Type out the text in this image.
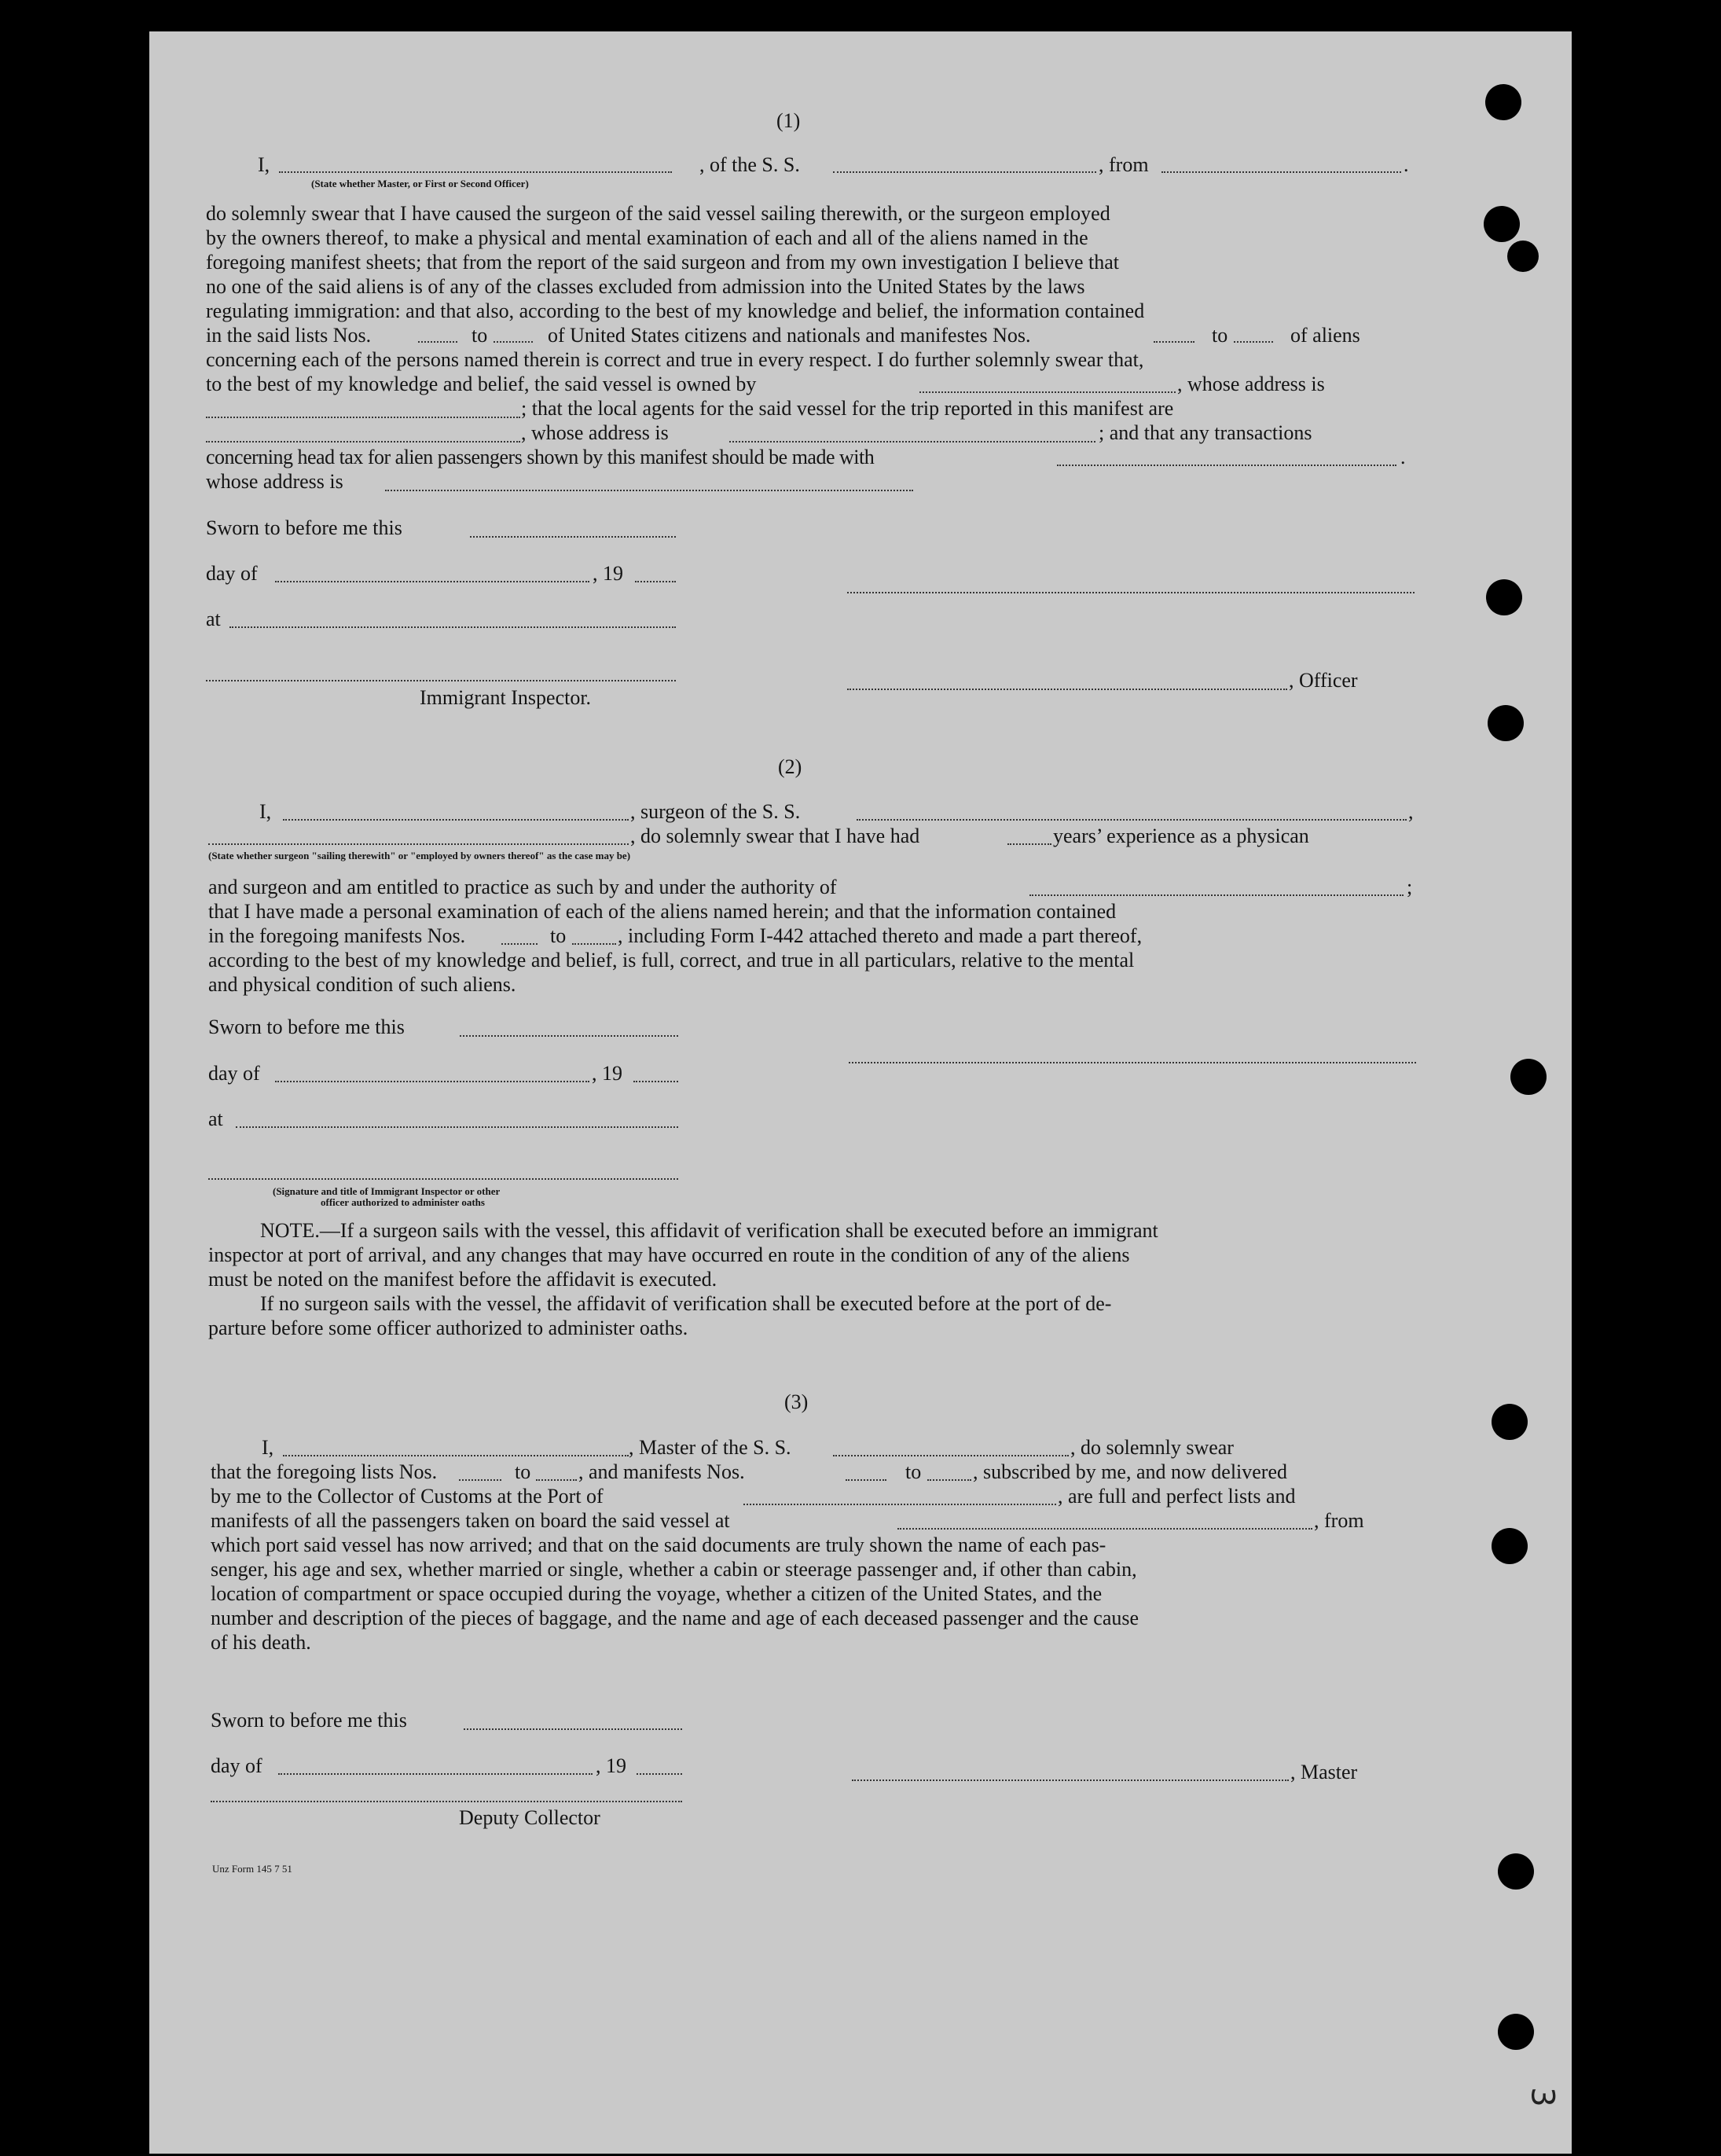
(1)
I,	, of the S. S.	, from	.
(State whether Master, or First or Second Officer)
do solemnly swear that I have caused the surgeon of the said vessel sailing therewith, or the surgeon employed
by the owners thereof, to make a physical and mental examination of each and all of the aliens named in the
foregoing manifest sheets; that from the report of the said surgeon and from my own investigation I believe that
no one of the said aliens is of any of the classes excluded from admission into the United States by the laws
regulating immigration: and that also, according to the best of my knowledge and belief, the information contained
in the said lists Nos.	to	of United States citizens and nationals and manifestes Nos.	to	of aliens
concerning each of the persons named therein is correct and true in every respect. I do further solemnly swear that,
to the best of my knowledge and belief, the said vessel is owned by	, whose address is
; that the local agents for the said vessel for the trip reported in this manifest are
, whose address is	; and that any transactions
concerning head tax for alien passengers shown by this manifest should be made with	.
whose address is
Sworn to before me this
day of	, 19
at
, Officer
Immigrant Inspector.
(2)
I,	, surgeon of the S. S.	,
, do solemnly swear that I have had	years’ experience as a physican
(State whether surgeon "sailing therewith" or "employed by owners thereof" as the case may be)
and surgeon and am entitled to practice as such by and under the authority of	;
that I have made a personal examination of each of the aliens named herein; and that the information contained
in the foregoing manifests Nos.	to	, including Form I-442 attached thereto and made a part thereof,
according to the best of my knowledge and belief, is full, correct, and true in all particulars, relative to the mental
and physical condition of such aliens.
Sworn to before me this
day of	, 19
at
(Signature and title of Immigrant Inspector or other
officer authorized to administer oaths
NOTE.—If a surgeon sails with the vessel, this affidavit of verification shall be executed before an immigrant
inspector at port of arrival, and any changes that may have occurred en route in the condition of any of the aliens
must be noted on the manifest before the affidavit is executed.
If no surgeon sails with the vessel, the affidavit of verification shall be executed before at the port of de-
parture before some officer authorized to administer oaths.
(3)
I,	, Master of the S. S.	, do solemnly swear
that the foregoing lists Nos.	to , and manifests Nos.	to	, subscribed by me, and now delivered
by me to the Collector of Customs at the Port of	, are full and perfect lists and
manifests of all the passengers taken on board the said vessel at	, from
which port said vessel has now arrived; and that on the said documents are truly shown the name of each pas-
senger, his age and sex, whether married or single, whether a cabin or steerage passenger and, if other than cabin,
location of compartment or space occupied during the voyage, whether a citizen of the United States, and the
number and description of the pieces of baggage, and the name and age of each deceased passenger and the cause
of his death.
Sworn to before me this
day of	, 19	, Master
Deputy Collector
Unz Form 145 7 51
3
